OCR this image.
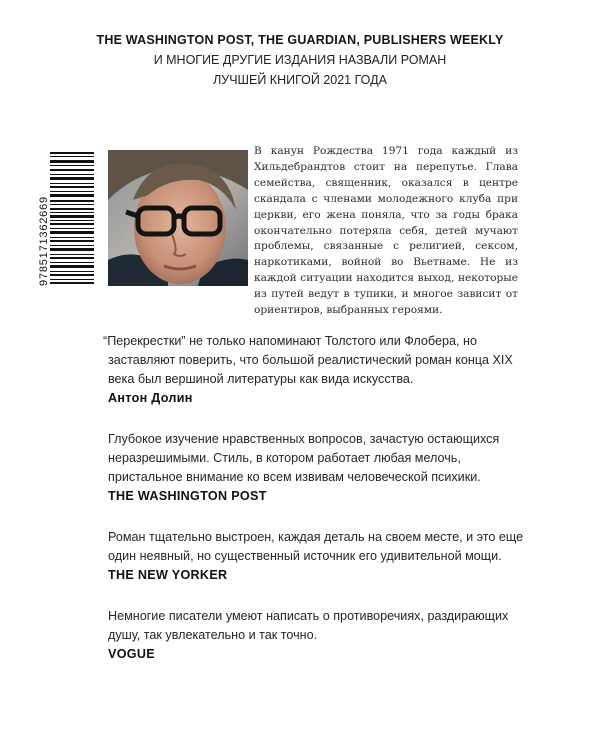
THE WASHINGTON POST, THE GUARDIAN, PUBLISHERS WEEKLY
И МНОГИЕ ДРУГИЕ ИЗДАНИЯ НАЗВАЛИ РОМАН
ЛУЧШЕЙ КНИГОЙ 2021 ГОДА
9785171362669
В канун Рождества 1971 года каждый из Хильдебрандтов стоит на перепутье. Глава семейства, священник, оказался в центре скандала с членами молодежного клуба при церкви, его жена поняла, что за годы брака окончательно потеряла себя, детей мучают проблемы, связанные с религией, сексом, наркотиками, войной во Вьетнаме. Не из каждой ситуации находится выход, некоторые из путей ведут в тупики, и многое зависит от ориентиров, выбранных героями.
“Перекрестки” не только напоминают Толстого или Флобера, но заставляют поверить, что большой реалистический роман конца XIX века был вершиной литературы как вида искусства.
Антон Долин
Глубокое изучение нравственных вопросов, зачастую остающихся неразрешимыми. Стиль, в котором работает любая мелочь, пристальное внимание ко всем извивам человеческой психики.
THE WASHINGTON POST
Роман тщательно выстроен, каждая деталь на своем месте, и это еще один неявный, но существенный источник его удивительной мощи.
THE NEW YORKER
Немногие писатели умеют написать о противоречиях, раздирающих душу, так увлекательно и так точно.
VOGUE
